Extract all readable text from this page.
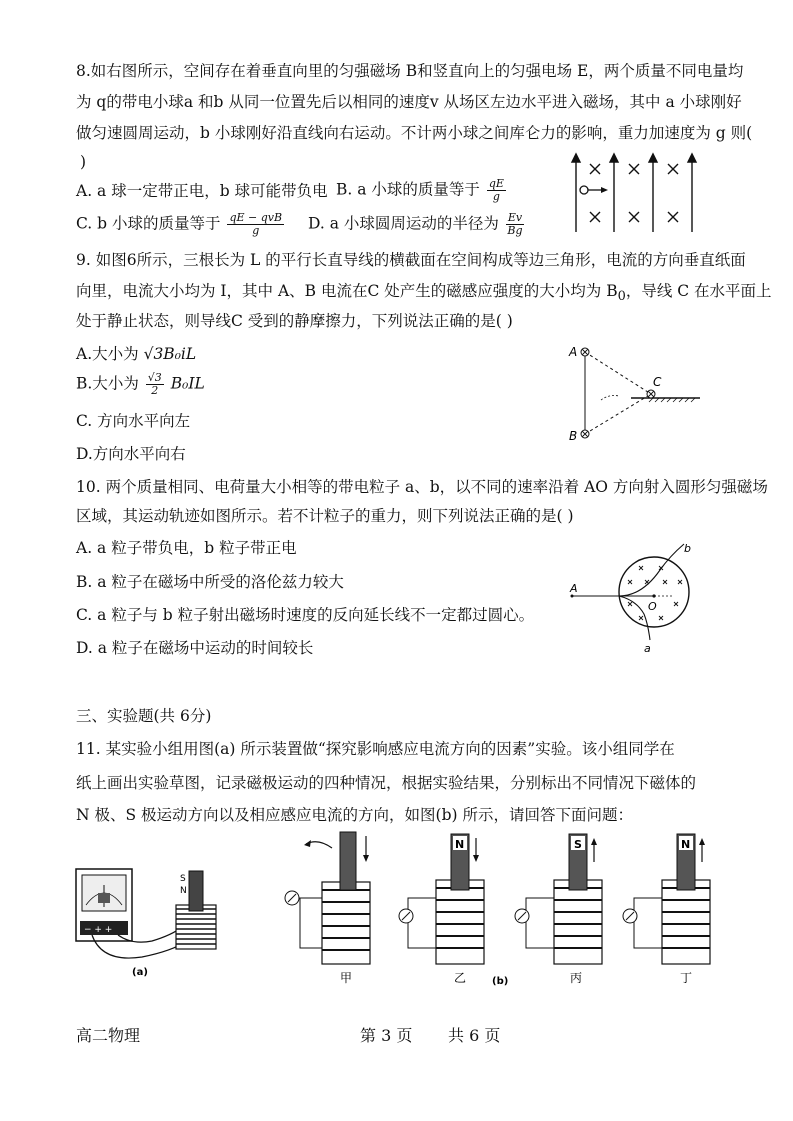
8.如右图所示，空间存在着垂直向里的匀强磁场 B和竖直向上的匀强电场 E，两个质量不同电量均
为 q的带电小球a 和b 从同一位置先后以相同的速度v 从场区左边水平进入磁场，其中 a 小球刚好
做匀速圆周运动，b 小球刚好沿直线向右运动。不计两小球之间库仑力的影响，重力加速度为 g 则(
)
A. a 球一定带正电，b 球可能带负电 B. a 小球的质量等于 $\frac{qE}{g}$
C. b 小球的质量等于 $\frac{\text{qE − qvB}}{g} D$. a 小球圆周运动的半径为 $\frac{Ev}{Bg}$
9. 如图6所示，三根长为 L 的平行长直导线的横截面在空间构成等边三角形，电流的方向垂直纸面
向里，电流大小均为 I，其中 A、B 电流在C 处产生的磁感应强度的大小均为 $B_0$，导线 C 在水平面上
处于静止状态，则导线C 受到的静摩擦力，下列说法正确的是( )
A.大小为 √3B₀iL
B.大小为 $\frac{√3}{2} B_0IL$
C. 方向水平向左
D.方向水平向右
A
B
C
10. 两个质量相同、电荷量大小相等的带电粒子 a、b，以不同的速率沿着 AO 方向射入圆形匀强磁场
区域，其运动轨迹如图所示。若不计粒子的重力，则下列说法正确的是( )
A. a 粒子带负电，b 粒子带正电
B. a 粒子在磁场中所受的洛伦兹力较大
C. a 粒子与 b 粒子射出磁场时速度的反向延长线不一定都过圆心。
D. a 粒子在磁场中运动的时间较长
A
O
a
b
三、实验题(共 6分)
11. 某实验小组用图(a) 所示装置做“探究影响感应电流方向的因素”实验。该小组同学在
纸上画出实验草图，记录磁极运动的四种情况，根据实验结果，分别标出不同情况下磁体的
N 极、S 极运动方向以及相应感应电流的方向，如图(b) 所示，请回答下面问题：
− + +
S
N
(a)	甲
N
乙
S
丙
N
丁
(b)
高二物理	第 3 页 共 6 页
